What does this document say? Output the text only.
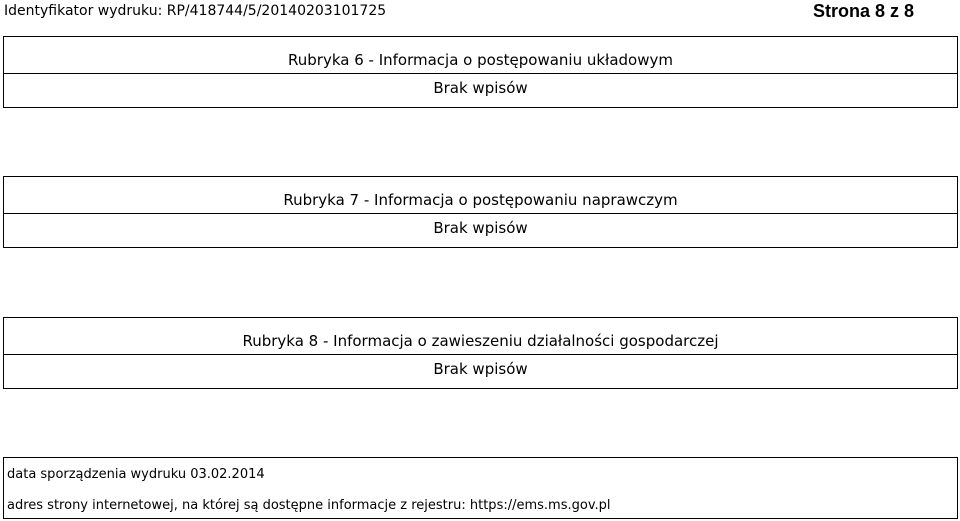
Identyfikator wydruku: RP/418744/5/20140203101725	Strona 8 z 8
Rubryka 6 - Informacja o postępowaniu układowym
Brak wpisów
Rubryka 7 - Informacja o postępowaniu naprawczym
Brak wpisów
Rubryka 8 - Informacja o zawieszeniu działalności gospodarczej
Brak wpisów
data sporządzenia wydruku 03.02.2014
adres strony internetowej, na której są dostępne informacje z rejestru: https://ems.ms.gov.pl
